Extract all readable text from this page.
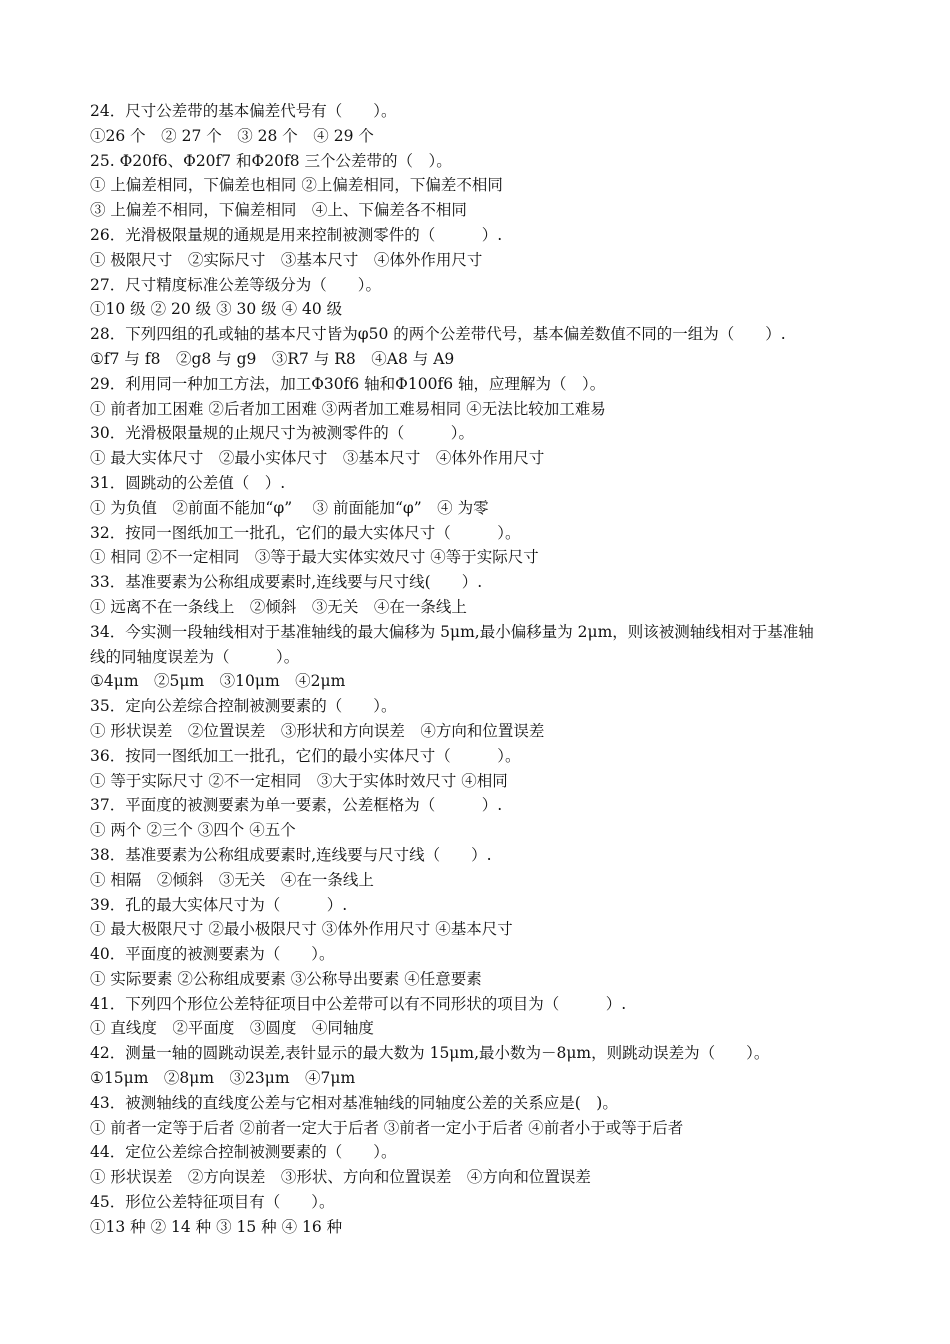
24．尺寸公差带的基本偏差代号有（　　）。
①26 个　② 27 个　③ 28 个　④ 29 个
25. Φ20f6、Φ20f7 和Φ20f8 三个公差带的（　）。
① 上偏差相同，下偏差也相同 ②上偏差相同，下偏差不相同
③ 上偏差不相同，下偏差相同　④上、下偏差各不相同
26．光滑极限量规的通规是用来控制被测零件的（　　　）.
① 极限尺寸　②实际尺寸　③基本尺寸　④体外作用尺寸
27．尺寸精度标准公差等级分为（　　）。
①10 级 ② 20 级 ③ 30 级 ④ 40 级
28．下列四组的孔或轴的基本尺寸皆为φ50 的两个公差带代号，基本偏差数值不同的一组为（　　）.
①f7 与 f8　②g8 与 g9　③R7 与 R8　④A8 与 A9
29．利用同一种加工方法，加工Φ30f6 轴和Φ100f6 轴，应理解为（　）。
① 前者加工困难 ②后者加工困难 ③两者加工难易相同 ④无法比较加工难易
30．光滑极限量规的止规尺寸为被测零件的（　　　）。
① 最大实体尺寸　②最小实体尺寸　③基本尺寸　④体外作用尺寸
31．圆跳动的公差值（　）.
① 为负值　②前面不能加“φ”　 ③ 前面能加“φ”　④ 为零
32．按同一图纸加工一批孔，它们的最大实体尺寸（　　　）。
① 相同 ②不一定相同　③等于最大实体实效尺寸 ④等于实际尺寸
33．基准要素为公称组成要素时,连线要与尺寸线(　　）.
① 远离不在一条线上　②倾斜　③无关　④在一条线上
34．今实测一段轴线相对于基准轴线的最大偏移为 5μm,最小偏移量为 2μm，则该被测轴线相对于基准轴
线的同轴度误差为（　　　）。
①4μm　②5μm　③10μm　④2μm
35．定向公差综合控制被测要素的（　　）。
① 形状误差　②位置误差　③形状和方向误差　④方向和位置误差
36．按同一图纸加工一批孔，它们的最小实体尺寸（　　　）。
① 等于实际尺寸 ②不一定相同　③大于实体时效尺寸 ④相同
37．平面度的被测要素为单一要素，公差框格为（　　　）.
① 两个 ②三个 ③四个 ④五个
38．基准要素为公称组成要素时,连线要与尺寸线（　　）.
① 相隔　②倾斜　③无关　④在一条线上
39．孔的最大实体尺寸为（　　　）.
① 最大极限尺寸 ②最小极限尺寸 ③体外作用尺寸 ④基本尺寸
40．平面度的被测要素为（　　）。
① 实际要素 ②公称组成要素 ③公称导出要素 ④任意要素
41．下列四个形位公差特征项目中公差带可以有不同形状的项目为（　　　）.
① 直线度　②平面度　③圆度　④同轴度
42．测量一轴的圆跳动误差,表针显示的最大数为 15μm,最小数为－8μm，则跳动误差为（　　）。
①15μm　②8μm　③23μm　④7μm
43．被测轴线的直线度公差与它相对基准轴线的同轴度公差的关系应是(　)。
① 前者一定等于后者 ②前者一定大于后者 ③前者一定小于后者 ④前者小于或等于后者
44．定位公差综合控制被测要素的（　　）。
① 形状误差　②方向误差　③形状、方向和位置误差　④方向和位置误差
45．形位公差特征项目有（　　）。
①13 种 ② 14 种 ③ 15 种 ④ 16 种
